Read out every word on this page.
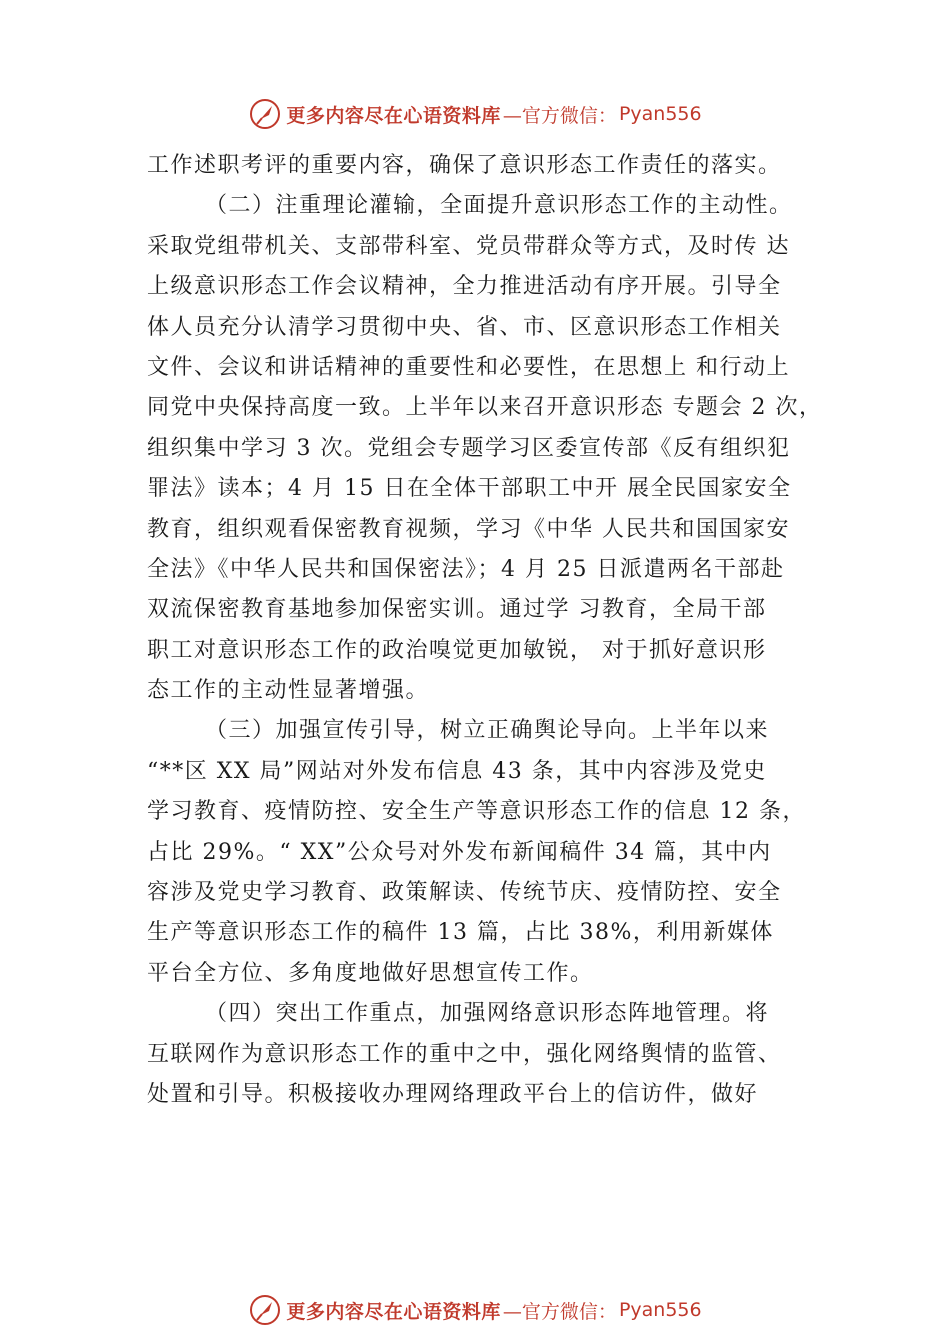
更多内容尽在心语资料库 —官方微信： Pyan556
工作述职考评的重要内容，确保了意识形态工作责任的落实。
（二）注重理论灌输，全面提升意识形态工作的主动性。
采取党组带机关、支部带科室、党员带群众等方式，及时传 达
上级意识形态工作会议精神，全力推进活动有序开展。引导全
体人员充分认清学习贯彻中央、省、市、区意识形态工作相关
文件、会议和讲话精神的重要性和必要性，在思想上 和行动上
同党中央保持高度一致。上半年以来召开意识形态 专题会 2 次，
组织集中学习 3 次。党组会专题学习区委宣传部《反有组织犯
罪法》读本；4 月 15 日在全体干部职工中开 展全民国家安全
教育，组织观看保密教育视频，学习《中华 人民共和国国家安
全法》《中华人民共和国保密法》；4 月 25 日派遣两名干部赴
双流保密教育基地参加保密实训。通过学 习教育，全局干部
职工对意识形态工作的政治嗅觉更加敏锐， 对于抓好意识形
态工作的主动性显著增强。
（三）加强宣传引导，树立正确舆论导向。上半年以来
“**区 XX 局”网站对外发布信息 43 条，其中内容涉及党史
学习教育、疫情防控、安全生产等意识形态工作的信息 12 条，
占比 29%。“ XX”公众号对外发布新闻稿件 34 篇，其中内
容涉及党史学习教育、政策解读、传统节庆、疫情防控、安全
生产等意识形态工作的稿件 13 篇，占比 38%，利用新媒体
平台全方位、多角度地做好思想宣传工作。
（四）突出工作重点，加强网络意识形态阵地管理。将
互联网作为意识形态工作的重中之中，强化网络舆情的监管、
处置和引导。积极接收办理网络理政平台上的信访件，做好
更多内容尽在心语资料库 —官方微信： Pyan556
